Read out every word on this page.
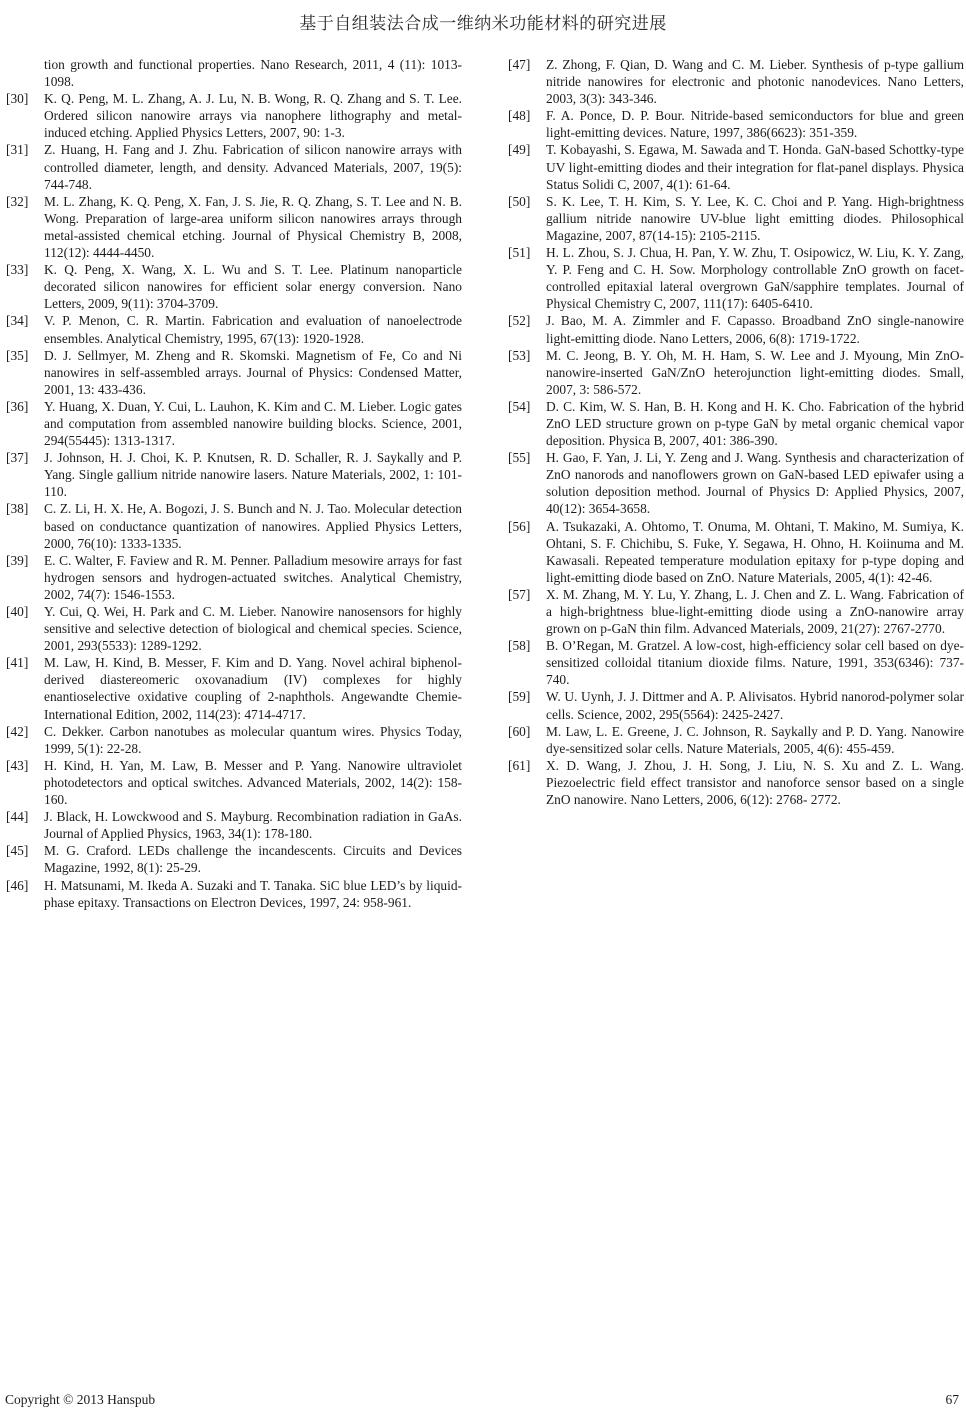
基于自组装法合成一维纳米功能材料的研究进展
tion growth and functional properties. Nano Research, 2011, 4 (11): 1013-1098.
[30]	K. Q. Peng, M. L. Zhang, A. J. Lu, N. B. Wong, R. Q. Zhang and S. T. Lee. Ordered silicon nanowire arrays via nanophere lithography and metal-induced etching. Applied Physics Letters, 2007, 90: 1-3.
[31]	Z. Huang, H. Fang and J. Zhu. Fabrication of silicon nanowire arrays with controlled diameter, length, and density. Advanced Materials, 2007, 19(5): 744-748.
[32]	M. L. Zhang, K. Q. Peng, X. Fan, J. S. Jie, R. Q. Zhang, S. T. Lee and N. B. Wong. Preparation of large-area uniform silicon nanowires arrays through metal-assisted chemical etching. Journal of Physical Chemistry B, 2008, 112(12): 4444-4450.
[33]	K. Q. Peng, X. Wang, X. L. Wu and S. T. Lee. Platinum nanoparticle decorated silicon nanowires for efficient solar energy conversion. Nano Letters, 2009, 9(11): 3704-3709.
[34]	V. P. Menon, C. R. Martin. Fabrication and evaluation of nanoelectrode ensembles. Analytical Chemistry, 1995, 67(13): 1920-1928.
[35]	D. J. Sellmyer, M. Zheng and R. Skomski. Magnetism of Fe, Co and Ni nanowires in self-assembled arrays. Journal of Physics: Condensed Matter, 2001, 13: 433-436.
[36]	Y. Huang, X. Duan, Y. Cui, L. Lauhon, K. Kim and C. M. Lieber. Logic gates and computation from assembled nanowire building blocks. Science, 2001, 294(55445): 1313-1317.
[37]	J. Johnson, H. J. Choi, K. P. Knutsen, R. D. Schaller, R. J. Saykally and P. Yang. Single gallium nitride nanowire lasers. Nature Materials, 2002, 1: 101-110.
[38]	C. Z. Li, H. X. He, A. Bogozi, J. S. Bunch and N. J. Tao. Molecular detection based on conductance quantization of nanowires. Applied Physics Letters, 2000, 76(10): 1333-1335.
[39]	E. C. Walter, F. Faview and R. M. Penner. Palladium mesowire arrays for fast hydrogen sensors and hydrogen-actuated switches. Analytical Chemistry, 2002, 74(7): 1546-1553.
[40]	Y. Cui, Q. Wei, H. Park and C. M. Lieber. Nanowire nanosensors for highly sensitive and selective detection of biological and chemical species. Science, 2001, 293(5533): 1289-1292.
[41]	M. Law, H. Kind, B. Messer, F. Kim and D. Yang. Novel achiral biphenol-derived diastereomeric oxovanadium (IV) complexes for highly enantioselective oxidative coupling of 2-naphthols. Angewandte Chemie-International Edition, 2002, 114(23): 4714-4717.
[42]	C. Dekker. Carbon nanotubes as molecular quantum wires. Physics Today, 1999, 5(1): 22-28.
[43]	H. Kind, H. Yan, M. Law, B. Messer and P. Yang. Nanowire ultraviolet photodetectors and optical switches. Advanced Materials, 2002, 14(2): 158-160.
[44]	J. Black, H. Lowckwood and S. Mayburg. Recombination radiation in GaAs. Journal of Applied Physics, 1963, 34(1): 178-180.
[45]	M. G. Craford. LEDs challenge the incandescents. Circuits and Devices Magazine, 1992, 8(1): 25-29.
[46]	H. Matsunami, M. Ikeda A. Suzaki and T. Tanaka. SiC blue LED’s by liquid-phase epitaxy. Transactions on Electron Devices, 1997, 24: 958-961.
[47]	Z. Zhong, F. Qian, D. Wang and C. M. Lieber. Synthesis of p-type gallium nitride nanowires for electronic and photonic nanodevices. Nano Letters, 2003, 3(3): 343-346.
[48]	F. A. Ponce, D. P. Bour. Nitride-based semiconductors for blue and green light-emitting devices. Nature, 1997, 386(6623): 351-359.
[49]	T. Kobayashi, S. Egawa, M. Sawada and T. Honda. GaN-based Schottky-type UV light-emitting diodes and their integration for flat-panel displays. Physica Status Solidi C, 2007, 4(1): 61-64.
[50]	S. K. Lee, T. H. Kim, S. Y. Lee, K. C. Choi and P. Yang. High-brightness gallium nitride nanowire UV-blue light emitting diodes. Philosophical Magazine, 2007, 87(14-15): 2105-2115.
[51]	H. L. Zhou, S. J. Chua, H. Pan, Y. W. Zhu, T. Osipowicz, W. Liu, K. Y. Zang, Y. P. Feng and C. H. Sow. Morphology controllable ZnO growth on facet-controlled epitaxial lateral overgrown GaN/sapphire templates. Journal of Physical Chemistry C, 2007, 111(17): 6405-6410.
[52]	J. Bao, M. A. Zimmler and F. Capasso. Broadband ZnO single-nanowire light-emitting diode. Nano Letters, 2006, 6(8): 1719-1722.
[53]	M. C. Jeong, B. Y. Oh, M. H. Ham, S. W. Lee and J. Myoung, Min ZnO-nanowire-inserted GaN/ZnO heterojunction light-emitting diodes. Small, 2007, 3: 586-572.
[54]	D. C. Kim, W. S. Han, B. H. Kong and H. K. Cho. Fabrication of the hybrid ZnO LED structure grown on p-type GaN by metal organic chemical vapor deposition. Physica B, 2007, 401: 386-390.
[55]	H. Gao, F. Yan, J. Li, Y. Zeng and J. Wang. Synthesis and characterization of ZnO nanorods and nanoflowers grown on GaN-based LED epiwafer using a solution deposition method. Journal of Physics D: Applied Physics, 2007, 40(12): 3654-3658.
[56]	A. Tsukazaki, A. Ohtomo, T. Onuma, M. Ohtani, T. Makino, M. Sumiya, K. Ohtani, S. F. Chichibu, S. Fuke, Y. Segawa, H. Ohno, H. Koiinuma and M. Kawasali. Repeated temperature modulation epitaxy for p-type doping and light-emitting diode based on ZnO. Nature Materials, 2005, 4(1): 42-46.
[57]	X. M. Zhang, M. Y. Lu, Y. Zhang, L. J. Chen and Z. L. Wang. Fabrication of a high-brightness blue-light-emitting diode using a ZnO-nanowire array grown on p-GaN thin film. Advanced Materials, 2009, 21(27): 2767-2770.
[58]	B. O’Regan, M. Gratzel. A low-cost, high-efficiency solar cell based on dye-sensitized colloidal titanium dioxide films. Nature, 1991, 353(6346): 737-740.
[59]	W. U. Uynh, J. J. Dittmer and A. P. Alivisatos. Hybrid nanorod-polymer solar cells. Science, 2002, 295(5564): 2425-2427.
[60]	M. Law, L. E. Greene, J. C. Johnson, R. Saykally and P. D. Yang. Nanowire dye-sensitized solar cells. Nature Materials, 2005, 4(6): 455-459.
[61]	X. D. Wang, J. Zhou, J. H. Song, J. Liu, N. S. Xu and Z. L. Wang. Piezoelectric field effect transistor and nanoforce sensor based on a single ZnO nanowire. Nano Letters, 2006, 6(12): 2768- 2772.
Copyright © 2013 Hanspub	67
